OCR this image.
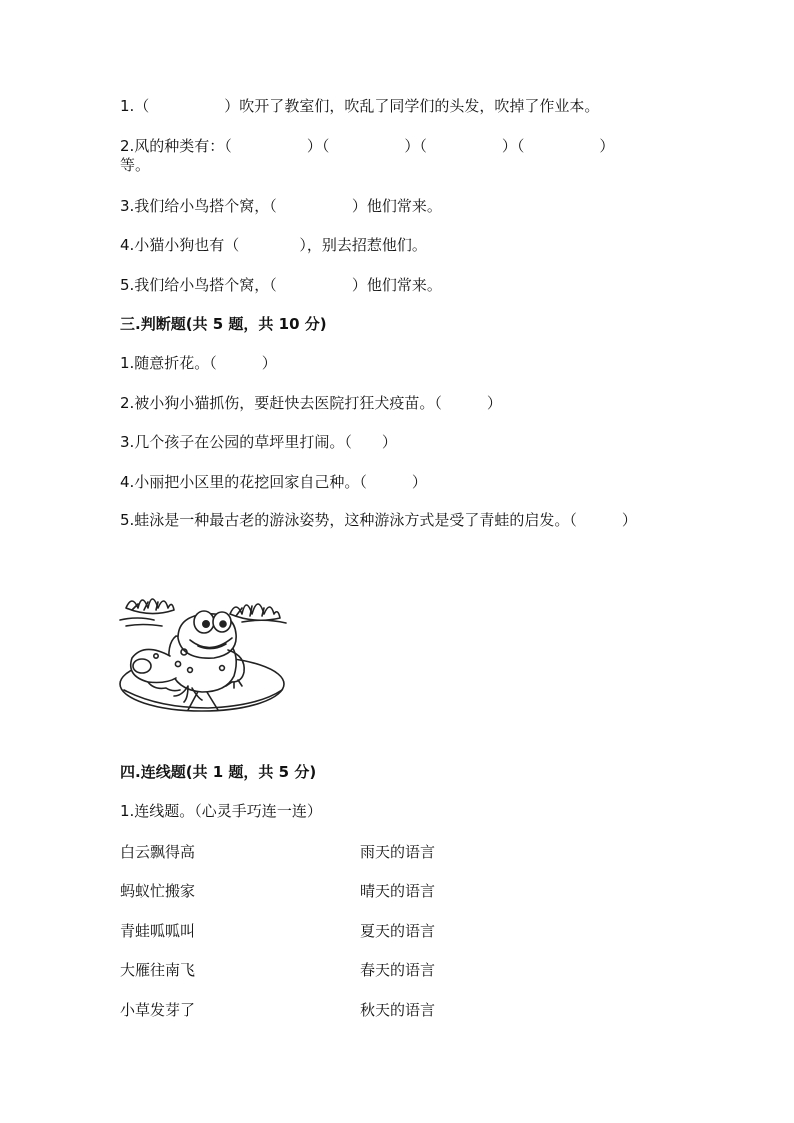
1.（　　　　　）吹开了教室们，吹乱了同学们的头发，吹掉了作业本。
2.风的种类有：（　　　　　）（　　　　　）（　　　　　）（　　　　　）
等。
3.我们给小鸟搭个窝，（　　　　　）他们常来。
4.小猫小狗也有（　　　　），别去招惹他们。
5.我们给小鸟搭个窝，（　　　　　）他们常来。
三.判断题(共 5 题，共 10 分)
1.随意折花。（　　　）
2.被小狗小猫抓伤，要赶快去医院打狂犬疫苗。（　　　）
3.几个孩子在公园的草坪里打闹。（　　）
4.小丽把小区里的花挖回家自己种。（　　　）
5.蛙泳是一种最古老的游泳姿势，这种游泳方式是受了青蛙的启发。（　　　）
四.连线题(共 1 题，共 5 分)
1.连线题。（心灵手巧连一连）
白云飘得高
蚂蚁忙搬家
青蛙呱呱叫
大雁往南飞
小草发芽了
雨天的语言
晴天的语言
夏天的语言
春天的语言
秋天的语言
